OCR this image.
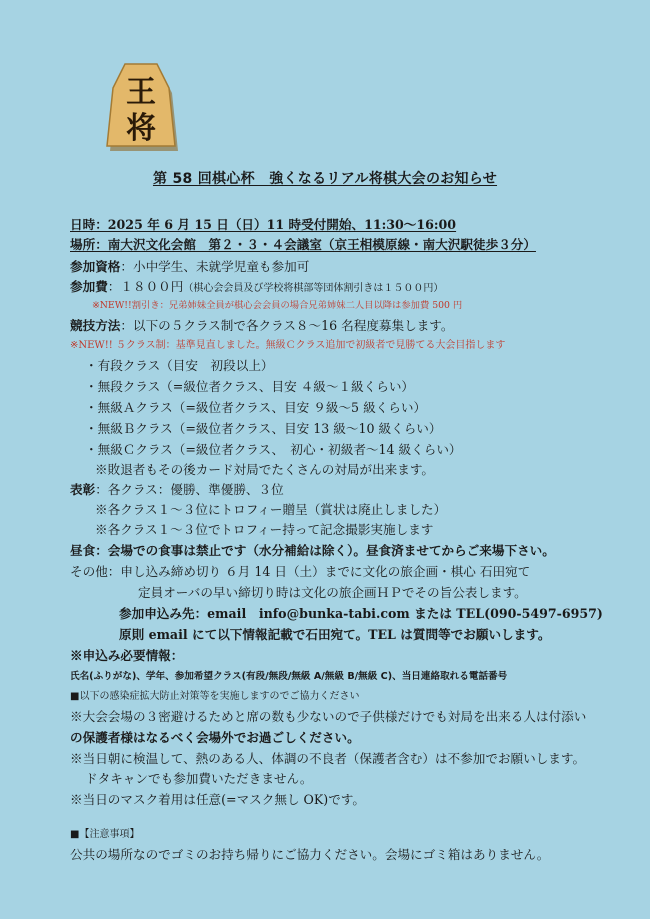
王
将
第 58 回棋心杯　強くなるリアル将棋大会のお知らせ
日時：2025 年 6 月 15 日（日）11 時受付開始、11:30～16:00
場所：南大沢文化会館　第２・３・４会議室（京王相模原線・南大沢駅徒歩３分）
参加資格：小中学生、未就学児童も参加可
参加費：１８００円（棋心会会員及び学校将棋部等団体割引きは１５００円）
※NEW!!割引き：兄弟姉妹全員が棋心会会員の場合兄弟姉妹二人目以降は参加費 500 円
競技方法：以下の５クラス制で各クラス８～16 名程度募集します。
※NEW!! ５クラス制：基準見直しました。無級Ｃクラス追加で初級者で見勝てる大会目指します
・有段クラス（目安　初段以上）
・無段クラス（=級位者クラス、目安 ４級～１級くらい）
・無級Ａクラス（=級位者クラス、目安 ９級～5 級くらい）
・無級Ｂクラス（=級位者クラス、目安 13 級～10 級くらい）
・無級Ｃクラス（=級位者クラス、　初心・初級者～14 級くらい）
※敗退者もその後カード対局でたくさんの対局が出来ます。
表彰：各クラス：優勝、準優勝、３位
※各クラス１～３位にトロフィー贈呈（賞状は廃止しました）
※各クラス１～３位でトロフィー持って記念撮影実施します
昼食：会場での食事は禁止です（水分補給は除く）。昼食済ませてからご来場下さい。
その他：申し込み締め切り ６月 14 日（土）までに文化の旅企画・棋心 石田宛て
定員オーバの早い締切り時は文化の旅企画ＨＰでその旨公表します。
参加申込み先：email　info@bunka-tabi.com または TEL(090-5497-6957)
原則 email にて以下情報記載で石田宛て。TEL は質問等でお願いします。
※申込み必要情報：
氏名(ふりがな)、学年、参加希望クラス(有段/無段/無級 A/無級 B/無級 C)、当日連絡取れる電話番号
■以下の感染症拡大防止対策等を実施しますのでご協力ください
※大会会場の３密避けるためと席の数も少ないので子供様だけでも対局を出来る人は付添い
の保護者様はなるべく会場外でお過ごしください。
※当日朝に検温して、熱のある人、体調の不良者（保護者含む）は不参加でお願いします。
ドタキャンでも参加費いただきません。
※当日のマスク着用は任意(=マスク無し OK)です。
■【注意事項】
公共の場所なのでゴミのお持ち帰りにご協力ください。会場にゴミ箱はありません。
